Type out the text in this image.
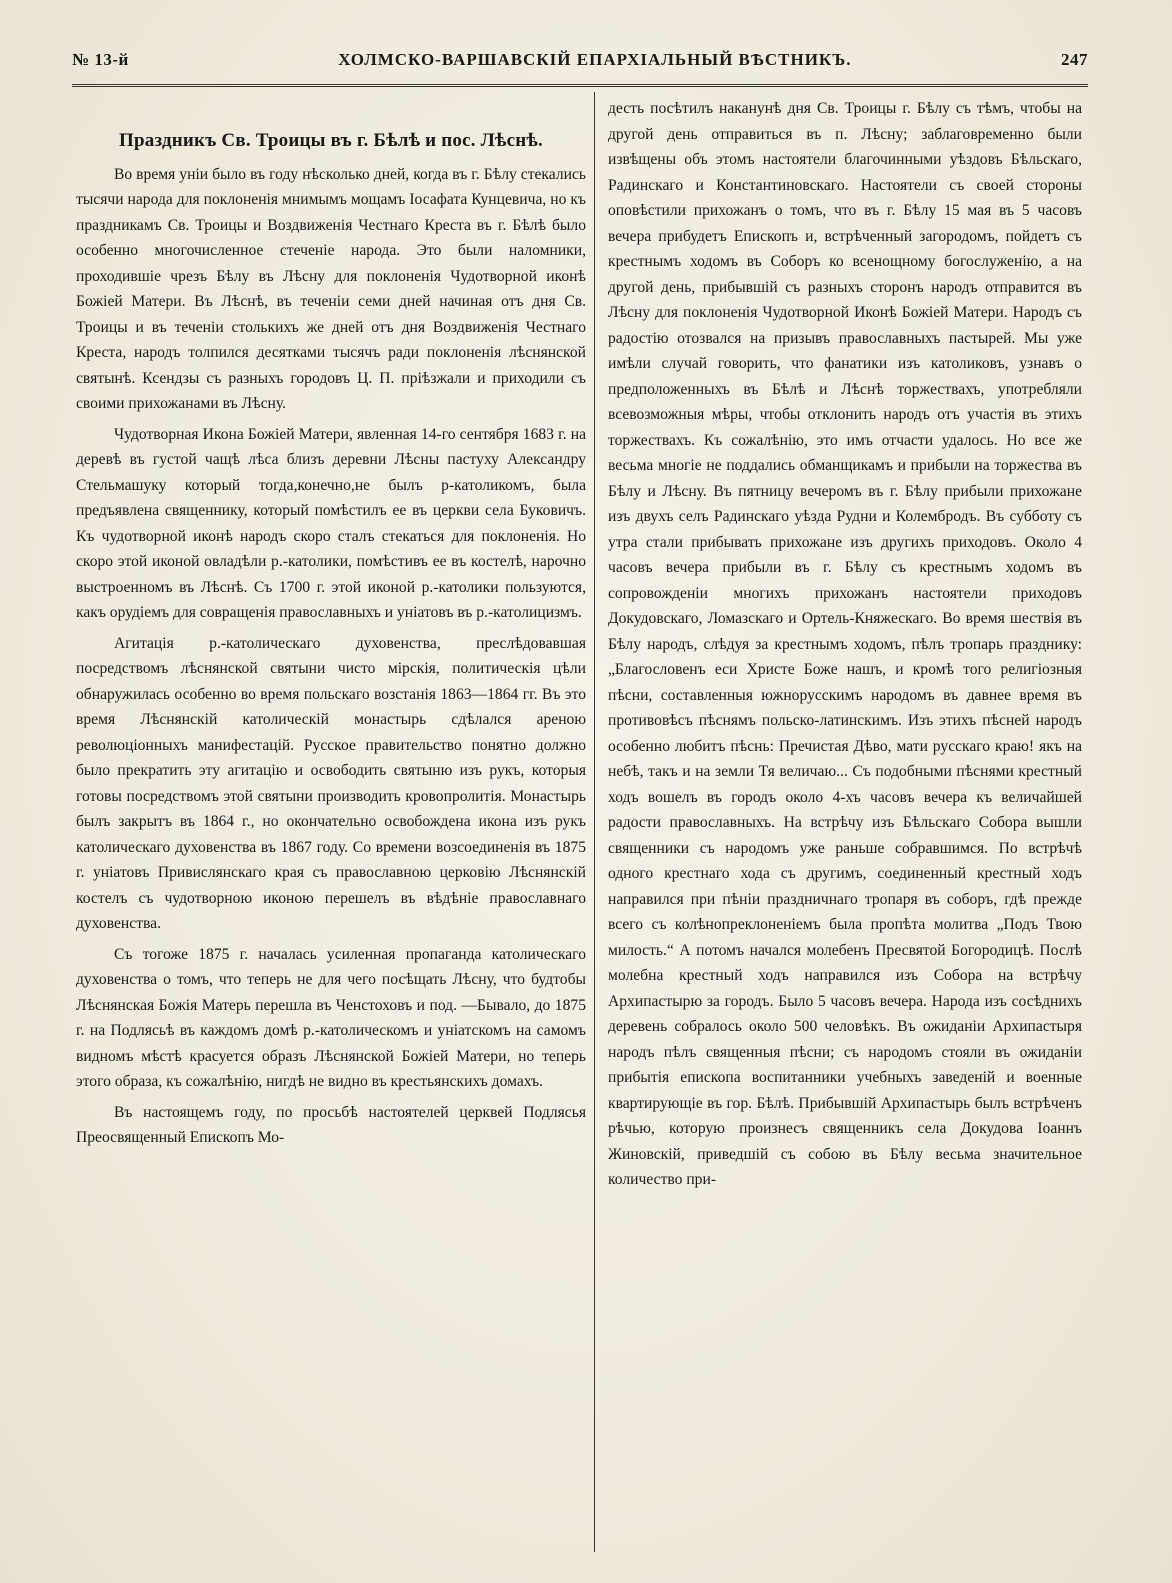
№ 13-й	ХОЛМСКО-ВАРШАВСКІЙ ЕПАРХІАЛЬНЫЙ ВѢСТНИКЪ.	247
Праздникъ Св. Троицы въ г. Бѣлѣ и пос. Лѣснѣ.

Во время уніи было въ году нѣсколько дней, когда въ г. Бѣлу стекались тысячи народа для поклоненія мнимымъ мощамъ Іосафата Кунцевича, но къ праздникамъ Св. Троицы и Воздвиженія Честнаго Креста въ г. Бѣлѣ было особенно многочисленное стеченіе народа. Это были наломники, проходившіе чрезъ Бѣлу въ Лѣсну для поклоненія Чудотворной иконѣ Божіей Матери. Въ Лѣснѣ, въ теченіи семи дней начиная отъ дня Св. Троицы и въ теченіи столькихъ же дней отъ дня Воздвиженія Честнаго Креста, народъ толпился десятками тысячъ ради поклоненія лѣснянской святынѣ. Ксендзы съ разныхъ городовъ Ц. П. пріѣзжали и приходили съ своими прихожанами въ Лѣсну.

Чудотворная Икона Божіей Матери, явленная 14-го сентября 1683 г. на деревѣ въ густой чащѣ лѣса близъ деревни Лѣсны пастуху Александру Стельмашуку который тогда,конечно,не былъ р-католикомъ, была предъявлена священнику, который помѣстилъ ее въ церкви села Буковичъ. Къ чудотворной иконѣ народъ скоро сталъ стекаться для поклоненія. Но скоро этой иконой овладѣли р.-католики, помѣстивъ ее въ костелѣ, нарочно выстроенномъ въ Лѣснѣ. Съ 1700 г. этой иконой р.-католики пользуются, какъ орудіемъ для совращенія православныхъ и уніатовъ въ р.-католицизмъ.

Агитація р.-католическаго духовенства, преслѣдовавшая посредствомъ лѣснянской святыни чисто мірскія, политическія цѣли обнаружилась особенно во время польскаго возстанія 1863—1864 гг. Въ это время Лѣснянскій католическій монастырь сдѣлался ареною революціонныхъ манифестацій. Русское правительство понятно должно было прекратить эту агитацію и освободить святыню изъ рукъ, которыя готовы посредствомъ этой святыни производить кровопролитія. Монастырь былъ закрытъ въ 1864 г., но окончательно освобождена икона изъ рукъ католическаго духовенства въ 1867 году. Со времени возсоединенія въ 1875 г. уніатовъ Привислянскаго края съ православною церковію Лѣснянскій костелъ съ чудотворною иконою перешелъ въ вѣдѣніе православнаго духовенства.

Съ тогоже 1875 г. началась усиленная пропаганда католическаго духовенства о томъ, что теперь не для чего посѣщать Лѣсну, что будтобы Лѣснянская Божія Матерь перешла въ Ченстоховъ и под. —Бывало, до 1875 г. на Подлясьѣ въ каждомъ домѣ р.-католическомъ и уніатскомъ на самомъ видномъ мѣстѣ красуется образъ Лѣснянской Божіей Матери, но теперь этого образа, къ сожалѣнію, нигдѣ не видно въ крестьянскихъ домахъ.

Въ настоящемъ году, по просьбѣ настоятелей церквей Подлясья Преосвященный Епископъ Мо-

десть посѣтилъ наканунѣ дня Св. Троицы г. Бѣлу съ тѣмъ, чтобы на другой день отправиться въ п. Лѣсну; заблаговременно были извѣщены объ этомъ настоятели благочинными уѣздовъ Бѣльскаго, Радинскаго и Константиновскаго. Настоятели съ своей стороны оповѣстили прихожанъ о томъ, что въ г. Бѣлу 15 мая въ 5 часовъ вечера прибудетъ Епископъ и, встрѣченный загородомъ, пойдетъ съ крестнымъ ходомъ въ Соборъ ко всенощному богослуженію, а на другой день, прибывшій съ разныхъ сторонъ народъ отправится въ Лѣсну для поклоненія Чудотворной Иконѣ Божіей Матери. Народъ съ радостію отозвался на призывъ православныхъ пастырей. Мы уже имѣли случай говорить, что фанатики изъ католиковъ, узнавъ о предположенныхъ въ Бѣлѣ и Лѣснѣ торжествахъ, употребляли всевозможныя мѣры, чтобы отклонить народъ отъ участія въ этихъ торжествахъ. Къ сожалѣнію, это имъ отчасти удалось. Но все же весьма многіе не поддались обманщикамъ и прибыли на торжества въ Бѣлу и Лѣсну. Въ пятницу вечеромъ въ г. Бѣлу прибыли прихожане изъ двухъ селъ Радинскаго уѣзда Рудни и Колембродъ. Въ субботу съ утра стали прибывать прихожане изъ другихъ приходовъ. Около 4 часовъ вечера прибыли въ г. Бѣлу съ крестнымъ ходомъ въ сопровожденіи многихъ прихожанъ настоятели приходовъ Докудовскаго, Ломазскаго и Ортель-Княжескаго. Во время шествія въ Бѣлу народъ, слѣдуя за крестнымъ ходомъ, пѣлъ тропарь празднику: „Благословенъ еси Христе Боже нашъ, и кромѣ того религіозныя пѣсни, составленныя южнорусскимъ народомъ въ давнее время въ противовѣсъ пѣснямъ польско-латинскимъ. Изъ этихъ пѣсней народъ особенно любитъ пѣснь: Пречистая Дѣво, мати русскаго краю! якъ на небѣ, такъ и на земли Тя величаю... Съ подобными пѣснями крестный ходъ вошелъ въ городъ около 4-хъ часовъ вечера къ величайшей радости православныхъ. На встрѣчу изъ Бѣльскаго Собора вышли священники съ народомъ уже раньше собравшимся. По встрѣчѣ одного крестнаго хода съ другимъ, соединенный крестный ходъ направился при пѣніи праздничнаго тропаря въ соборъ, гдѣ прежде всего съ колѣнопреклоненіемъ была пропѣта молитва „Подъ Твою милость.“ А потомъ начался молебенъ Пресвятой Богородицѣ. Послѣ молебна крестный ходъ направился изъ Собора на встрѣчу Архипастырю за городъ. Было 5 часовъ вечера. Народа изъ сосѣднихъ деревень собралось около 500 человѣкъ. Въ ожиданіи Архипастыря народъ пѣлъ священныя пѣсни; съ народомъ стояли въ ожиданіи прибытія епископа воспитанники учебныхъ заведеній и военные квартирующіе въ гор. Бѣлѣ. Прибывшій Архипастырь былъ встрѣченъ рѣчью, которую произнесъ священникъ села Докудова Іоаннъ Жиновскій, приведшій съ собою въ Бѣлу весьма значительное количество при-
